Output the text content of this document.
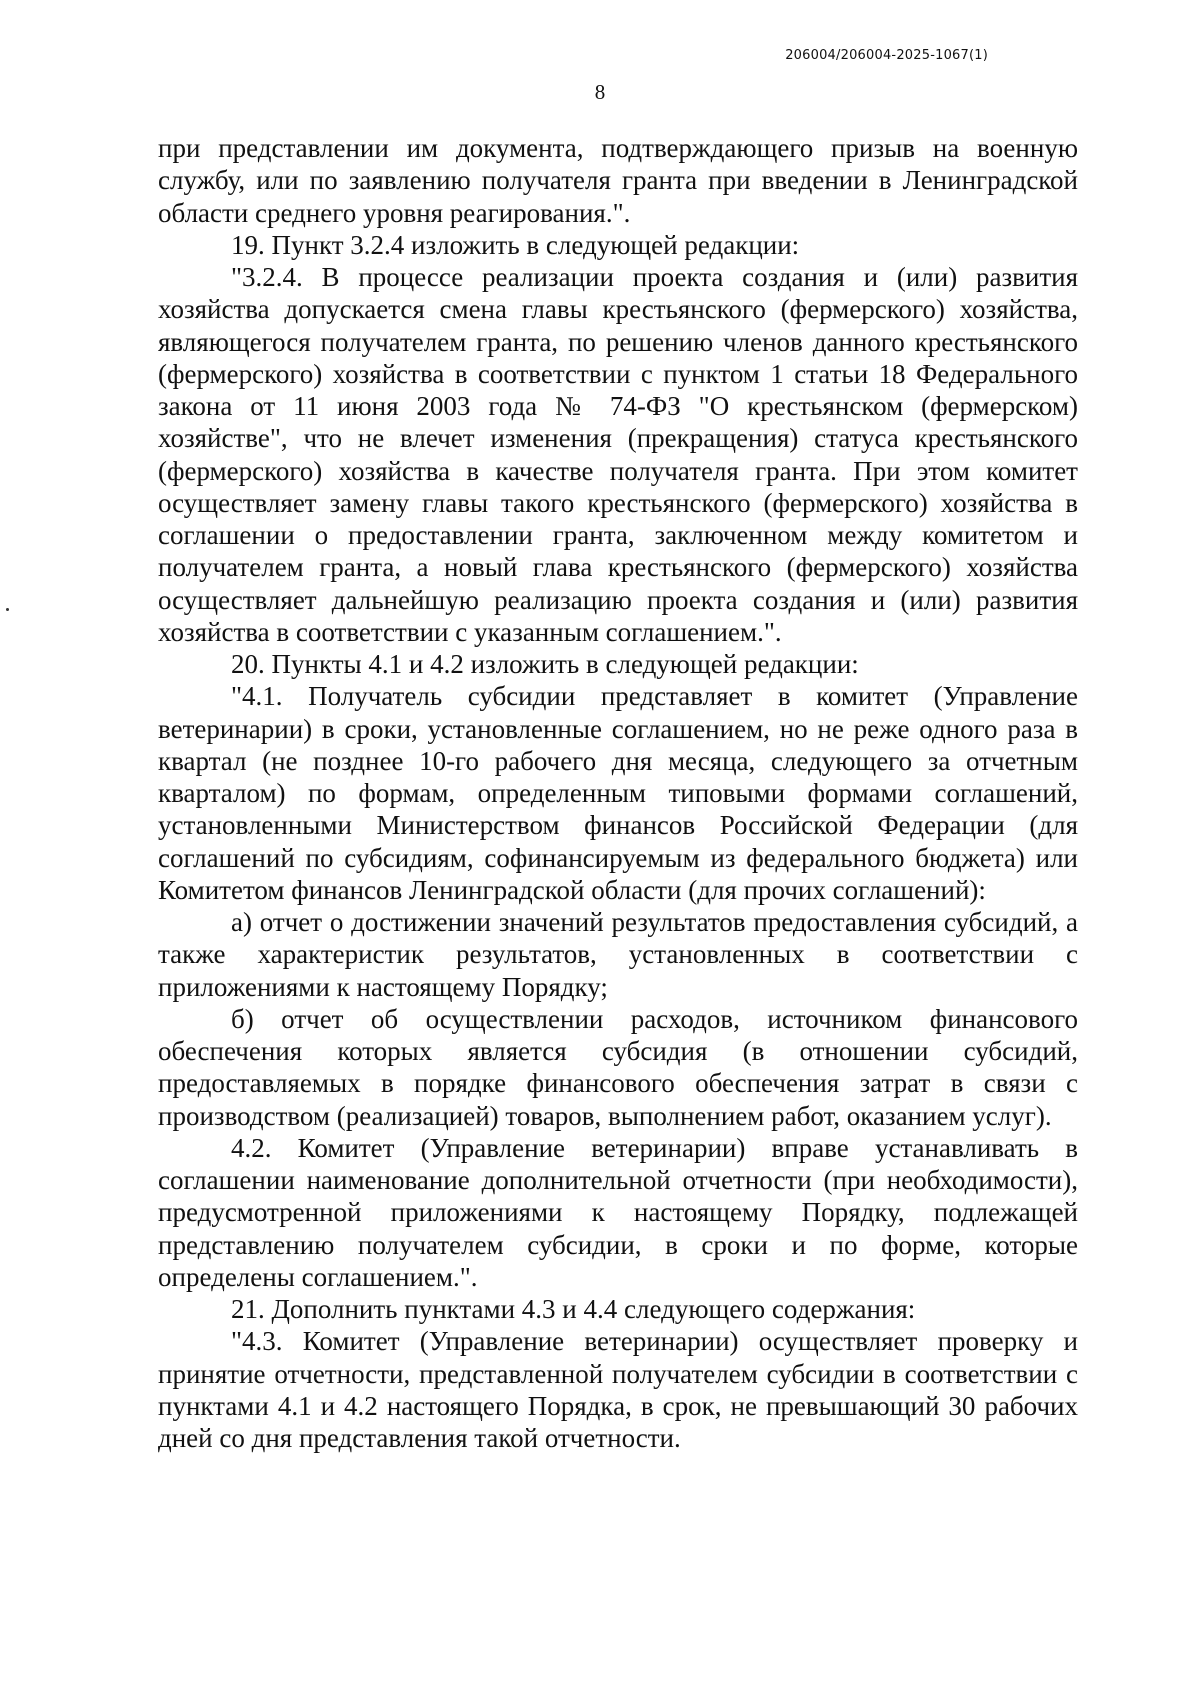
206004/206004-2025-1067(1)
8

при представлении им документа, подтверждающего призыв на военную службу, или по заявлению получателя гранта при введении в Ленинградской области среднего уровня реагирования.".

19. Пункт 3.2.4 изложить в следующей редакции:

"3.2.4. В процессе реализации проекта создания и (или) развития хозяйства допускается смена главы крестьянского (фермерского) хозяйства, являющегося получателем гранта, по решению членов данного крестьянского (фермерского) хозяйства в соответствии с пунктом 1 статьи 18 Федерального закона от 11 июня 2003 года № 74-ФЗ "О крестьянском (фермерском) хозяйстве", что не влечет изменения (прекращения) статуса крестьянского (фермерского) хозяйства в качестве получателя гранта. При этом комитет осуществляет замену главы такого крестьянского (фермерского) хозяйства в соглашении о предоставлении гранта, заключенном между комитетом и получателем гранта, а новый глава крестьянского (фермерского) хозяйства осуществляет дальнейшую реализацию проекта создания и (или) развития хозяйства в соответствии с указанным соглашением.".

20. Пункты 4.1 и 4.2 изложить в следующей редакции:

"4.1. Получатель субсидии представляет в комитет (Управление ветеринарии) в сроки, установленные соглашением, но не реже одного раза в квартал (не позднее 10-го рабочего дня месяца, следующего за отчетным кварталом) по формам, определенным типовыми формами соглашений, установленными Министерством финансов Российской Федерации (для соглашений по субсидиям, софинансируемым из федерального бюджета) или Комитетом финансов Ленинградской области (для прочих соглашений):

а) отчет о достижении значений результатов предоставления субсидий, а также характеристик результатов, установленных в соответствии с приложениями к настоящему Порядку;

б) отчет об осуществлении расходов, источником финансового обеспечения которых является субсидия (в отношении субсидий, предоставляемых в порядке финансового обеспечения затрат в связи с производством (реализацией) товаров, выполнением работ, оказанием услуг).

4.2. Комитет (Управление ветеринарии) вправе устанавливать в соглашении наименование дополнительной отчетности (при необходимости), предусмотренной приложениями к настоящему Порядку, подлежащей представлению получателем субсидии, в сроки и по форме, которые определены соглашением.".

21. Дополнить пунктами 4.3 и 4.4 следующего содержания:

"4.3. Комитет (Управление ветеринарии) осуществляет проверку и принятие отчетности, представленной получателем субсидии в соответствии с пунктами 4.1 и 4.2 настоящего Порядка, в срок, не превышающий 30 рабочих дней со дня представления такой отчетности.
